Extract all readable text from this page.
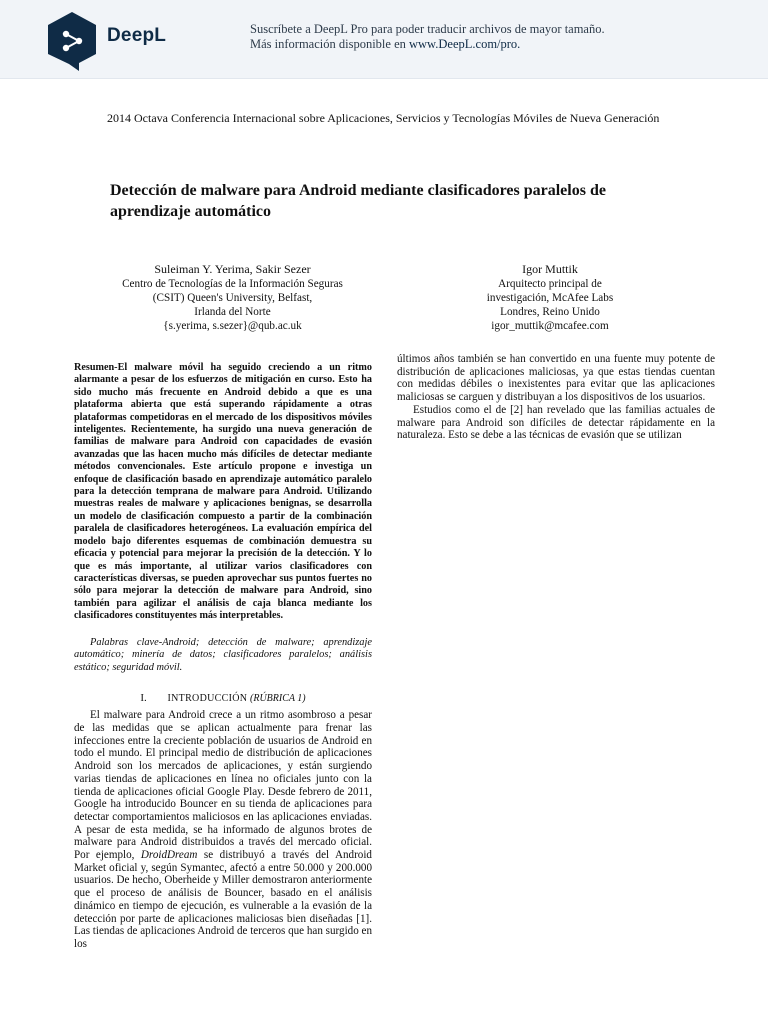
DeepL	Suscríbete a DeepL Pro para poder traducir archivos de mayor tamaño.
Más información disponible en www.DeepL.com/pro.
2014 Octava Conferencia Internacional sobre Aplicaciones, Servicios y Tecnologías Móviles de Nueva Generación
Detección de malware para Android mediante clasificadores paralelos de aprendizaje automático
Suleiman Y. Yerima, Sakir Sezer
Centro de Tecnologías de la Información Seguras
(CSIT) Queen's University, Belfast,
Irlanda del Norte
{s.yerima, s.sezer}@qub.ac.uk
Igor Muttik
Arquitecto principal de
investigación, McAfee Labs
Londres, Reino Unido
igor_muttik@mcafee.com

Resumen-El malware móvil ha seguido creciendo a un ritmo alarmante a pesar de los esfuerzos de mitigación en curso. Esto ha sido mucho más frecuente en Android debido a que es una plataforma abierta que está superando rápidamente a otras plataformas competidoras en el mercado de los dispositivos móviles inteligentes. Recientemente, ha surgido una nueva generación de familias de malware para Android con capacidades de evasión avanzadas que las hacen mucho más difíciles de detectar mediante métodos convencionales. Este artículo propone e investiga un enfoque de clasificación basado en aprendizaje automático paralelo para la detección temprana de malware para Android. Utilizando muestras reales de malware y aplicaciones benignas, se desarrolla un modelo de clasificación compuesto a partir de la combinación paralela de clasificadores heterogéneos. La evaluación empírica del modelo bajo diferentes esquemas de combinación demuestra su eficacia y potencial para mejorar la precisión de la detección. Y lo que es más importante, al utilizar varios clasificadores con características diversas, se pueden aprovechar sus puntos fuertes no sólo para mejorar la detección de malware para Android, sino también para agilizar el análisis de caja blanca mediante los clasificadores constituyentes más interpretables.

Palabras clave-Android; detección de malware; aprendizaje automático; minería de datos; clasificadores paralelos; análisis estático; seguridad móvil.

I. INTRODUCCIÓN (RÚBRICA 1)

El malware para Android crece a un ritmo asombroso a pesar de las medidas que se aplican actualmente para frenar las infecciones entre la creciente población de usuarios de Android en todo el mundo. El principal medio de distribución de aplicaciones Android son los mercados de aplicaciones, y están surgiendo varias tiendas de aplicaciones en línea no oficiales junto con la tienda de aplicaciones oficial Google Play. Desde febrero de 2011, Google ha introducido Bouncer en su tienda de aplicaciones para detectar comportamientos maliciosos en las aplicaciones enviadas. A pesar de esta medida, se ha informado de algunos brotes de malware para Android distribuidos a través del mercado oficial. Por ejemplo, DroidDream se distribuyó a través del Android Market oficial y, según Symantec, afectó a entre 50.000 y 200.000 usuarios. De hecho, Oberheide y Miller demostraron anteriormente que el proceso de análisis de Bouncer, basado en el análisis dinámico en tiempo de ejecución, es vulnerable a la evasión de la detección por parte de aplicaciones maliciosas bien diseñadas [1]. Las tiendas de aplicaciones Android de terceros que han surgido en los

últimos años también se han convertido en una fuente muy potente de distribución de aplicaciones maliciosas, ya que estas tiendas cuentan con medidas débiles o inexistentes para evitar que las aplicaciones maliciosas se carguen y distribuyan a los dispositivos de los usuarios.

Estudios como el de [2] han revelado que las familias actuales de malware para Android son difíciles de detectar rápidamente en la naturaleza. Esto se debe a las técnicas de evasión que se utilizan
